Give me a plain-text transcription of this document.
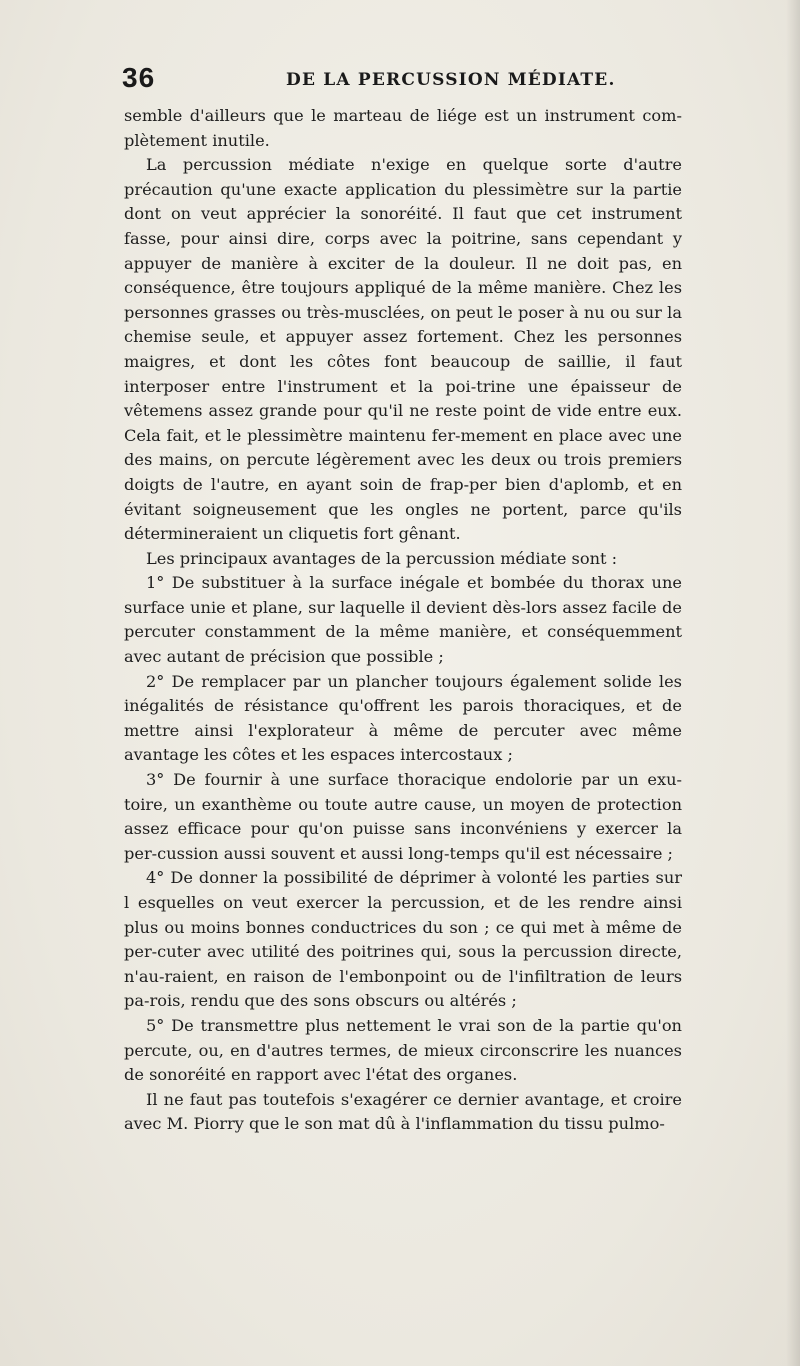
36	DE LA PERCUSSION MÉDIATE.

semble d'ailleurs que le marteau de liége est un instrument com-plètement inutile.

La percussion médiate n'exige en quelque sorte d'autre précaution qu'une exacte application du plessimètre sur la partie dont on veut apprécier la sonoréité. Il faut que cet instrument fasse, pour ainsi dire, corps avec la poitrine, sans cependant y appuyer de manière à exciter de la douleur. Il ne doit pas, en conséquence, être toujours appliqué de la même manière. Chez les personnes grasses ou très-musclées, on peut le poser à nu ou sur la chemise seule, et appuyer assez fortement. Chez les personnes maigres, et dont les côtes font beaucoup de saillie, il faut interposer entre l'instrument et la poi-trine une épaisseur de vêtemens assez grande pour qu'il ne reste point de vide entre eux. Cela fait, et le plessimètre maintenu fer-mement en place avec une des mains, on percute légèrement avec les deux ou trois premiers doigts de l'autre, en ayant soin de frap-per bien d'aplomb, et en évitant soigneusement que les ongles ne portent, parce qu'ils détermineraient un cliquetis fort gênant.

Les principaux avantages de la percussion médiate sont :

1° De substituer à la surface inégale et bombée du thorax une surface unie et plane, sur laquelle il devient dès-lors assez facile de percuter constamment de la même manière, et conséquemment avec autant de précision que possible ;

2° De remplacer par un plancher toujours également solide les inégalités de résistance qu'offrent les parois thoraciques, et de mettre ainsi l'explorateur à même de percuter avec même avantage les côtes et les espaces intercostaux ;

3° De fournir à une surface thoracique endolorie par un exu-toire, un exanthème ou toute autre cause, un moyen de protection assez efficace pour qu'on puisse sans inconvéniens y exercer la per-cussion aussi souvent et aussi long-temps qu'il est nécessaire ;

4° De donner la possibilité de déprimer à volonté les parties sur l esquelles on veut exercer la percussion, et de les rendre ainsi plus ou moins bonnes conductrices du son ; ce qui met à même de per-cuter avec utilité des poitrines qui, sous la percussion directe, n'au-raient, en raison de l'embonpoint ou de l'infiltration de leurs pa-rois, rendu que des sons obscurs ou altérés ;

5° De transmettre plus nettement le vrai son de la partie qu'on percute, ou, en d'autres termes, de mieux circonscrire les nuances de sonoréité en rapport avec l'état des organes.

Il ne faut pas toutefois s'exagérer ce dernier avantage, et croire avec M. Piorry que le son mat dû à l'inflammation du tissu pulmo-
